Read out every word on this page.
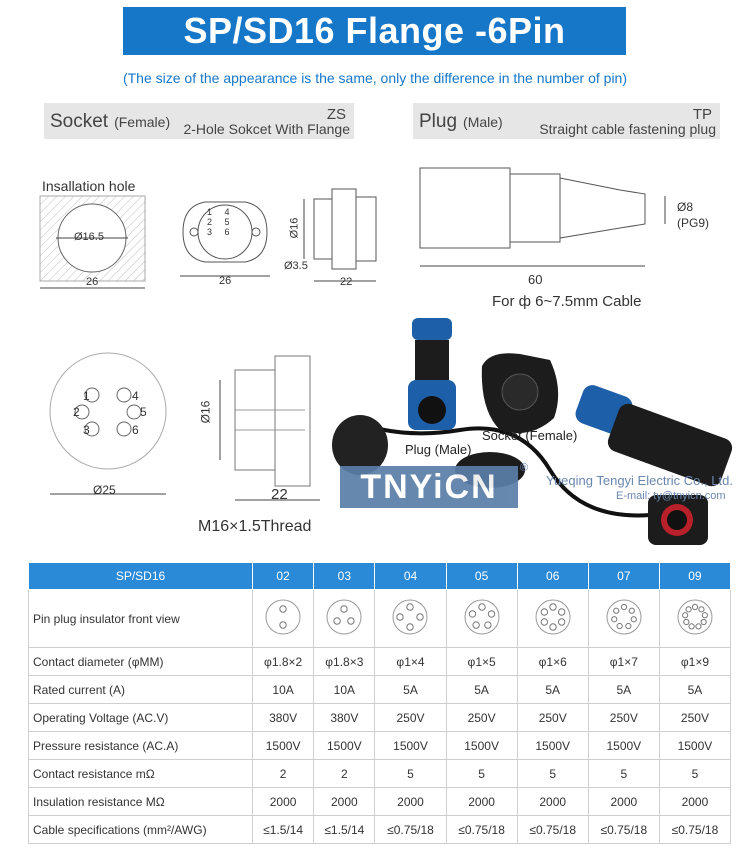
SP/SD16 Flange -6Pin
(The size of the appearance is the same, only the difference in the number of pin)
Socket (Female)	ZS
2-Hole Sokcet With Flange	Plug (Male)	TP
Straight cable fastening plug
Insallation hole
Ø16.5
26	26
1 4
2 5
3 6	Ø16
Ø3.5
22
Ø8
(PG9)
60
For ф 6~7.5mm Cable
1
2
3
4
5
6
Ø25
Ø16
22
M16×1.5Thread
Socket (Female)
Plug (Male)
TNYiCN ®
Yueqing Tengyi Electric Co., Ltd.
E-mail: ty@tnyicn.com
SP/SD16	02	03	04	05	06	07	09
Pin plug insulator front view							
Contact diameter (φMM)	φ1.8×2	φ1.8×3	φ1×4	φ1×5	φ1×6	φ1×7	φ1×9
Rated current (A)	10A	10A	5A	5A	5A	5A	5A
Operating Voltage (AC.V)	380V	380V	250V	250V	250V	250V	250V
Pressure resistance (AC.A)	1500V	1500V	1500V	1500V	1500V	1500V	1500V
Contact resistance mΩ	2	2	5	5	5	5	5
Insulation resistance MΩ	2000	2000	2000	2000	2000	2000	2000
Cable specifications (mm²/AWG)	≤1.5/14	≤1.5/14	≤0.75/18	≤0.75/18	≤0.75/18	≤0.75/18	≤0.75/18
